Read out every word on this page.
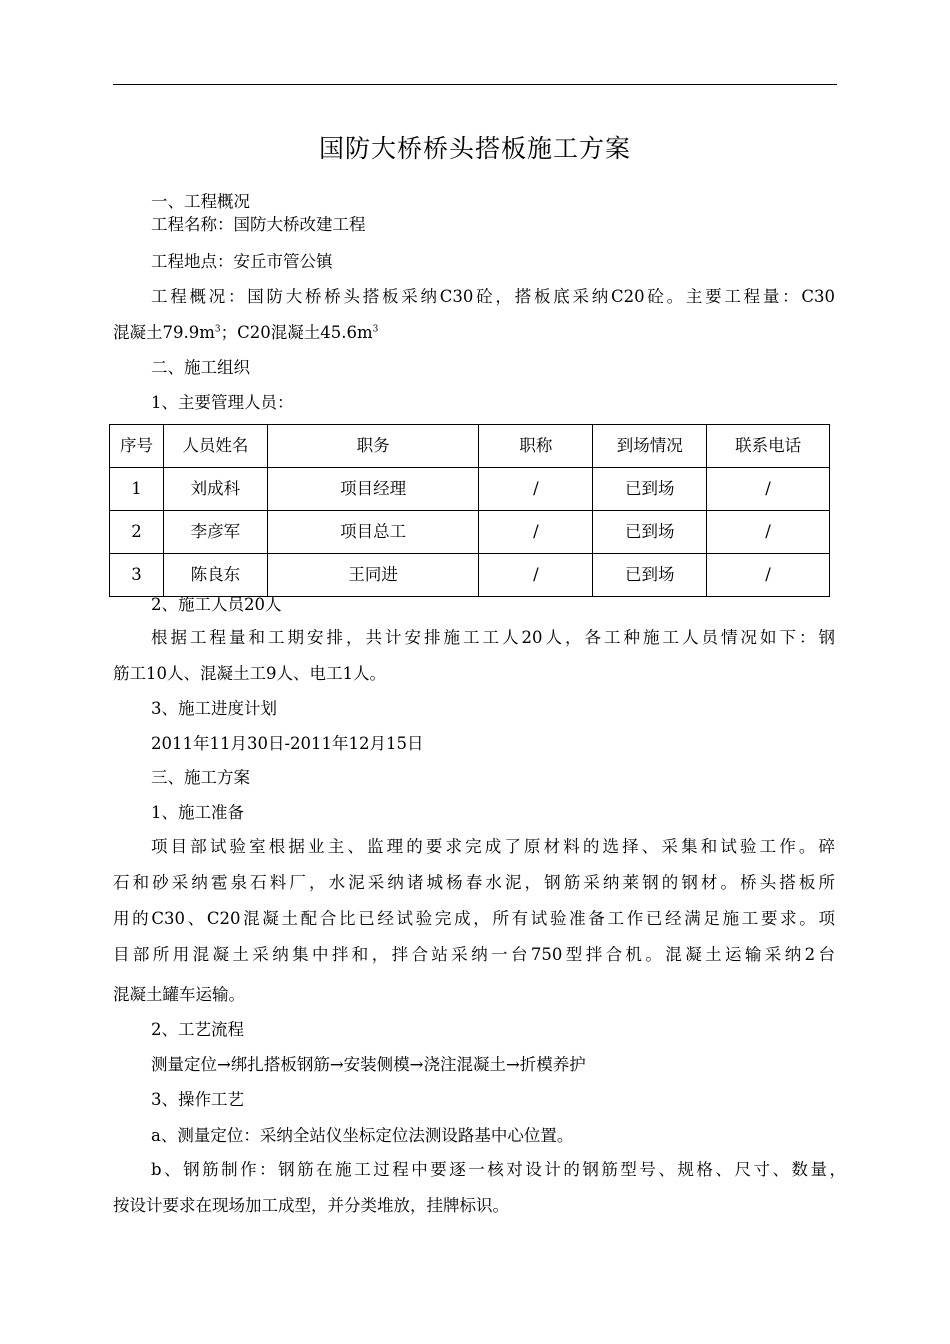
国防大桥桥头搭板施工方案
一、工程概况
工程名称：国防大桥改建工程
工程地点：安丘市管公镇
工程概况：国防大桥桥头搭板采纳C30砼，搭板底采纳C20砼。主要工程量：C30
混凝土$79.9m^3$；C20混凝土$45.6m^3$
二、施工组织
1、主要管理人员：
序号	人员姓名	职务	职称	到场情况	联系电话
1	刘成科	项目经理	/	已到场	/
2	李彦军	项目总工	/	已到场	/
3	陈良东	王同进	/	已到场	/
2、施工人员20人
根据工程量和工期安排，共计安排施工工人20人，各工种施工人员情况如下：钢
筋工10人、混凝土工9人、电工1人。
3、施工进度计划
2011年11月30日-2011年12月15日
三、施工方案
1、施工准备
项目部试验室根据业主、监理的要求完成了原材料的选择、采集和试验工作。碎
石和砂采纳雹泉石料厂，水泥采纳诸城杨春水泥，钢筋采纳莱钢的钢材。桥头搭板所
用的C30、C20混凝土配合比已经试验完成，所有试验准备工作已经满足施工要求。项
目部所用混凝土采纳集中拌和，拌合站采纳一台750型拌合机。混凝土运输采纳2台
混凝土罐车运输。
2、工艺流程
测量定位→绑扎搭板钢筋→安装侧模→浇注混凝土→折模养护
3、操作工艺
a、测量定位：采纳全站仪坐标定位法测设路基中心位置。
b、钢筋制作：钢筋在施工过程中要逐一核对设计的钢筋型号、规格、尺寸、数量，
按设计要求在现场加工成型，并分类堆放，挂牌标识。
